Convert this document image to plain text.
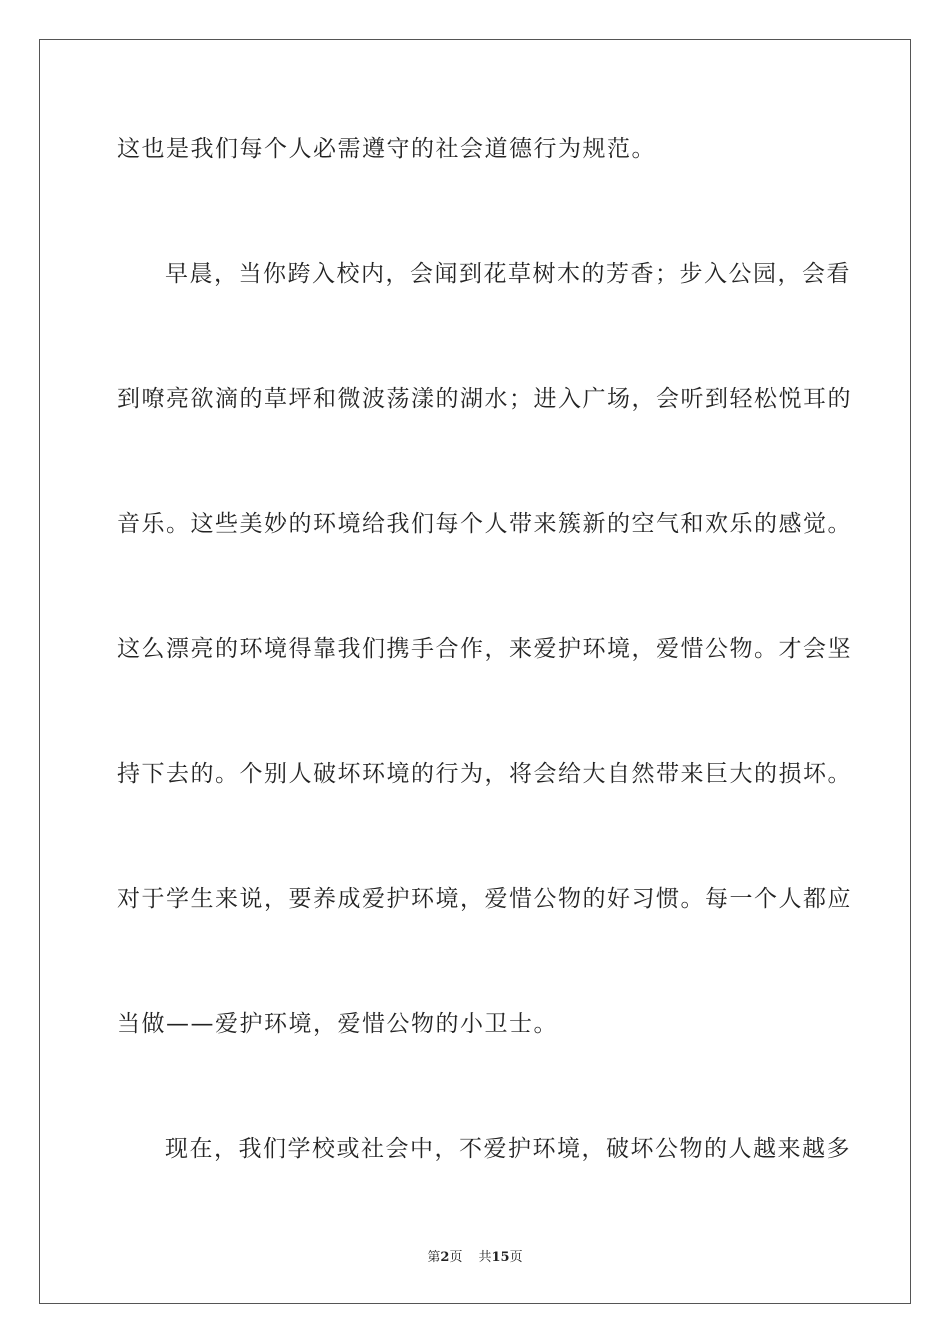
这也是我们每个人必需遵守的社会道德行为规范。
早晨，当你跨入校内，会闻到花草树木的芳香；步入公园，会看
到嘹亮欲滴的草坪和微波荡漾的湖水；进入广场，会听到轻松悦耳的
音乐。这些美妙的环境给我们每个人带来簇新的空气和欢乐的感觉。
这么漂亮的环境得靠我们携手合作，来爱护环境，爱惜公物。才会坚
持下去的。个别人破坏环境的行为，将会给大自然带来巨大的损坏。
对于学生来说，要养成爱护环境，爱惜公物的好习惯。每一个人都应
当做——爱护环境，爱惜公物的小卫士。
现在，我们学校或社会中，不爱护环境，破坏公物的人越来越多
第2页 共15页
